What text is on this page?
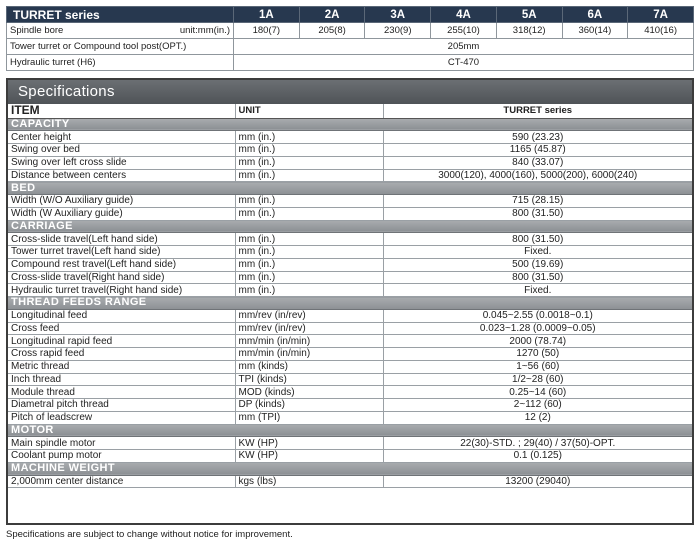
TURRET series	1A	2A	3A	4A	5A	6A	7A

Spindle bore unit:mm(in.)	180(7)	205(8)	230(9)	255(10)	318(12)	360(14)	410(16)
Tower turret or Compound tool post(OPT.)	205mm						
Hydraulic turret (H6)	CT-470						
Specifications
ITEM	UNIT	TURRET series
CAPACITY		
Center height	mm (in.)	590 (23.23)
Swing over bed	mm (in.)	1165 (45.87)
Swing over left cross slide	mm (in.)	840 (33.07)
Distance between centers	mm (in.)	3000(120), 4000(160), 5000(200), 6000(240)
BED		
Width (W/O Auxiliary guide)	mm (in.)	715 (28.15)
Width (W Auxiliary guide)	mm (in.)	800 (31.50)
CARRIAGE		
Cross-slide travel(Left hand side)	mm (in.)	800 (31.50)
Tower turret travel(Left hand side)	mm (in.)	Fixed.
Compound rest travel(Left hand side)	mm (in.)	500 (19.69)
Cross-slide travel(Right hand side)	mm (in.)	800 (31.50)
Hydraulic turret travel(Right hand side)	mm (in.)	Fixed.
THREAD FEEDS RANGE		
Longitudinal feed	mm/rev (in/rev)	0.045~2.55 (0.0018~0.1)
Cross feed	mm/rev (in/rev)	0.023~1.28 (0.0009~0.05)
Longitudinal rapid feed	mm/min (in/min)	2000 (78.74)
Cross rapid feed	mm/min (in/min)	1270 (50)
Metric thread	mm (kinds)	1~56 (60)
Inch thread	TPI (kinds)	1/2~28 (60)
Module thread	MOD (kinds)	0.25~14 (60)
Diametral pitch thread	DP (kinds)	2~112 (60)
Pitch of leadscrew	mm (TPI)	12 (2)
MOTOR		
Main spindle motor	KW (HP)	22(30)-STD. ; 29(40) / 37(50)-OPT.
Coolant pump motor	KW (HP)	0.1 (0.125)
MACHINE WEIGHT		
2,000mm center distance	kgs (lbs)	13200 (29040)
Specifications are subject to change without notice for improvement.
